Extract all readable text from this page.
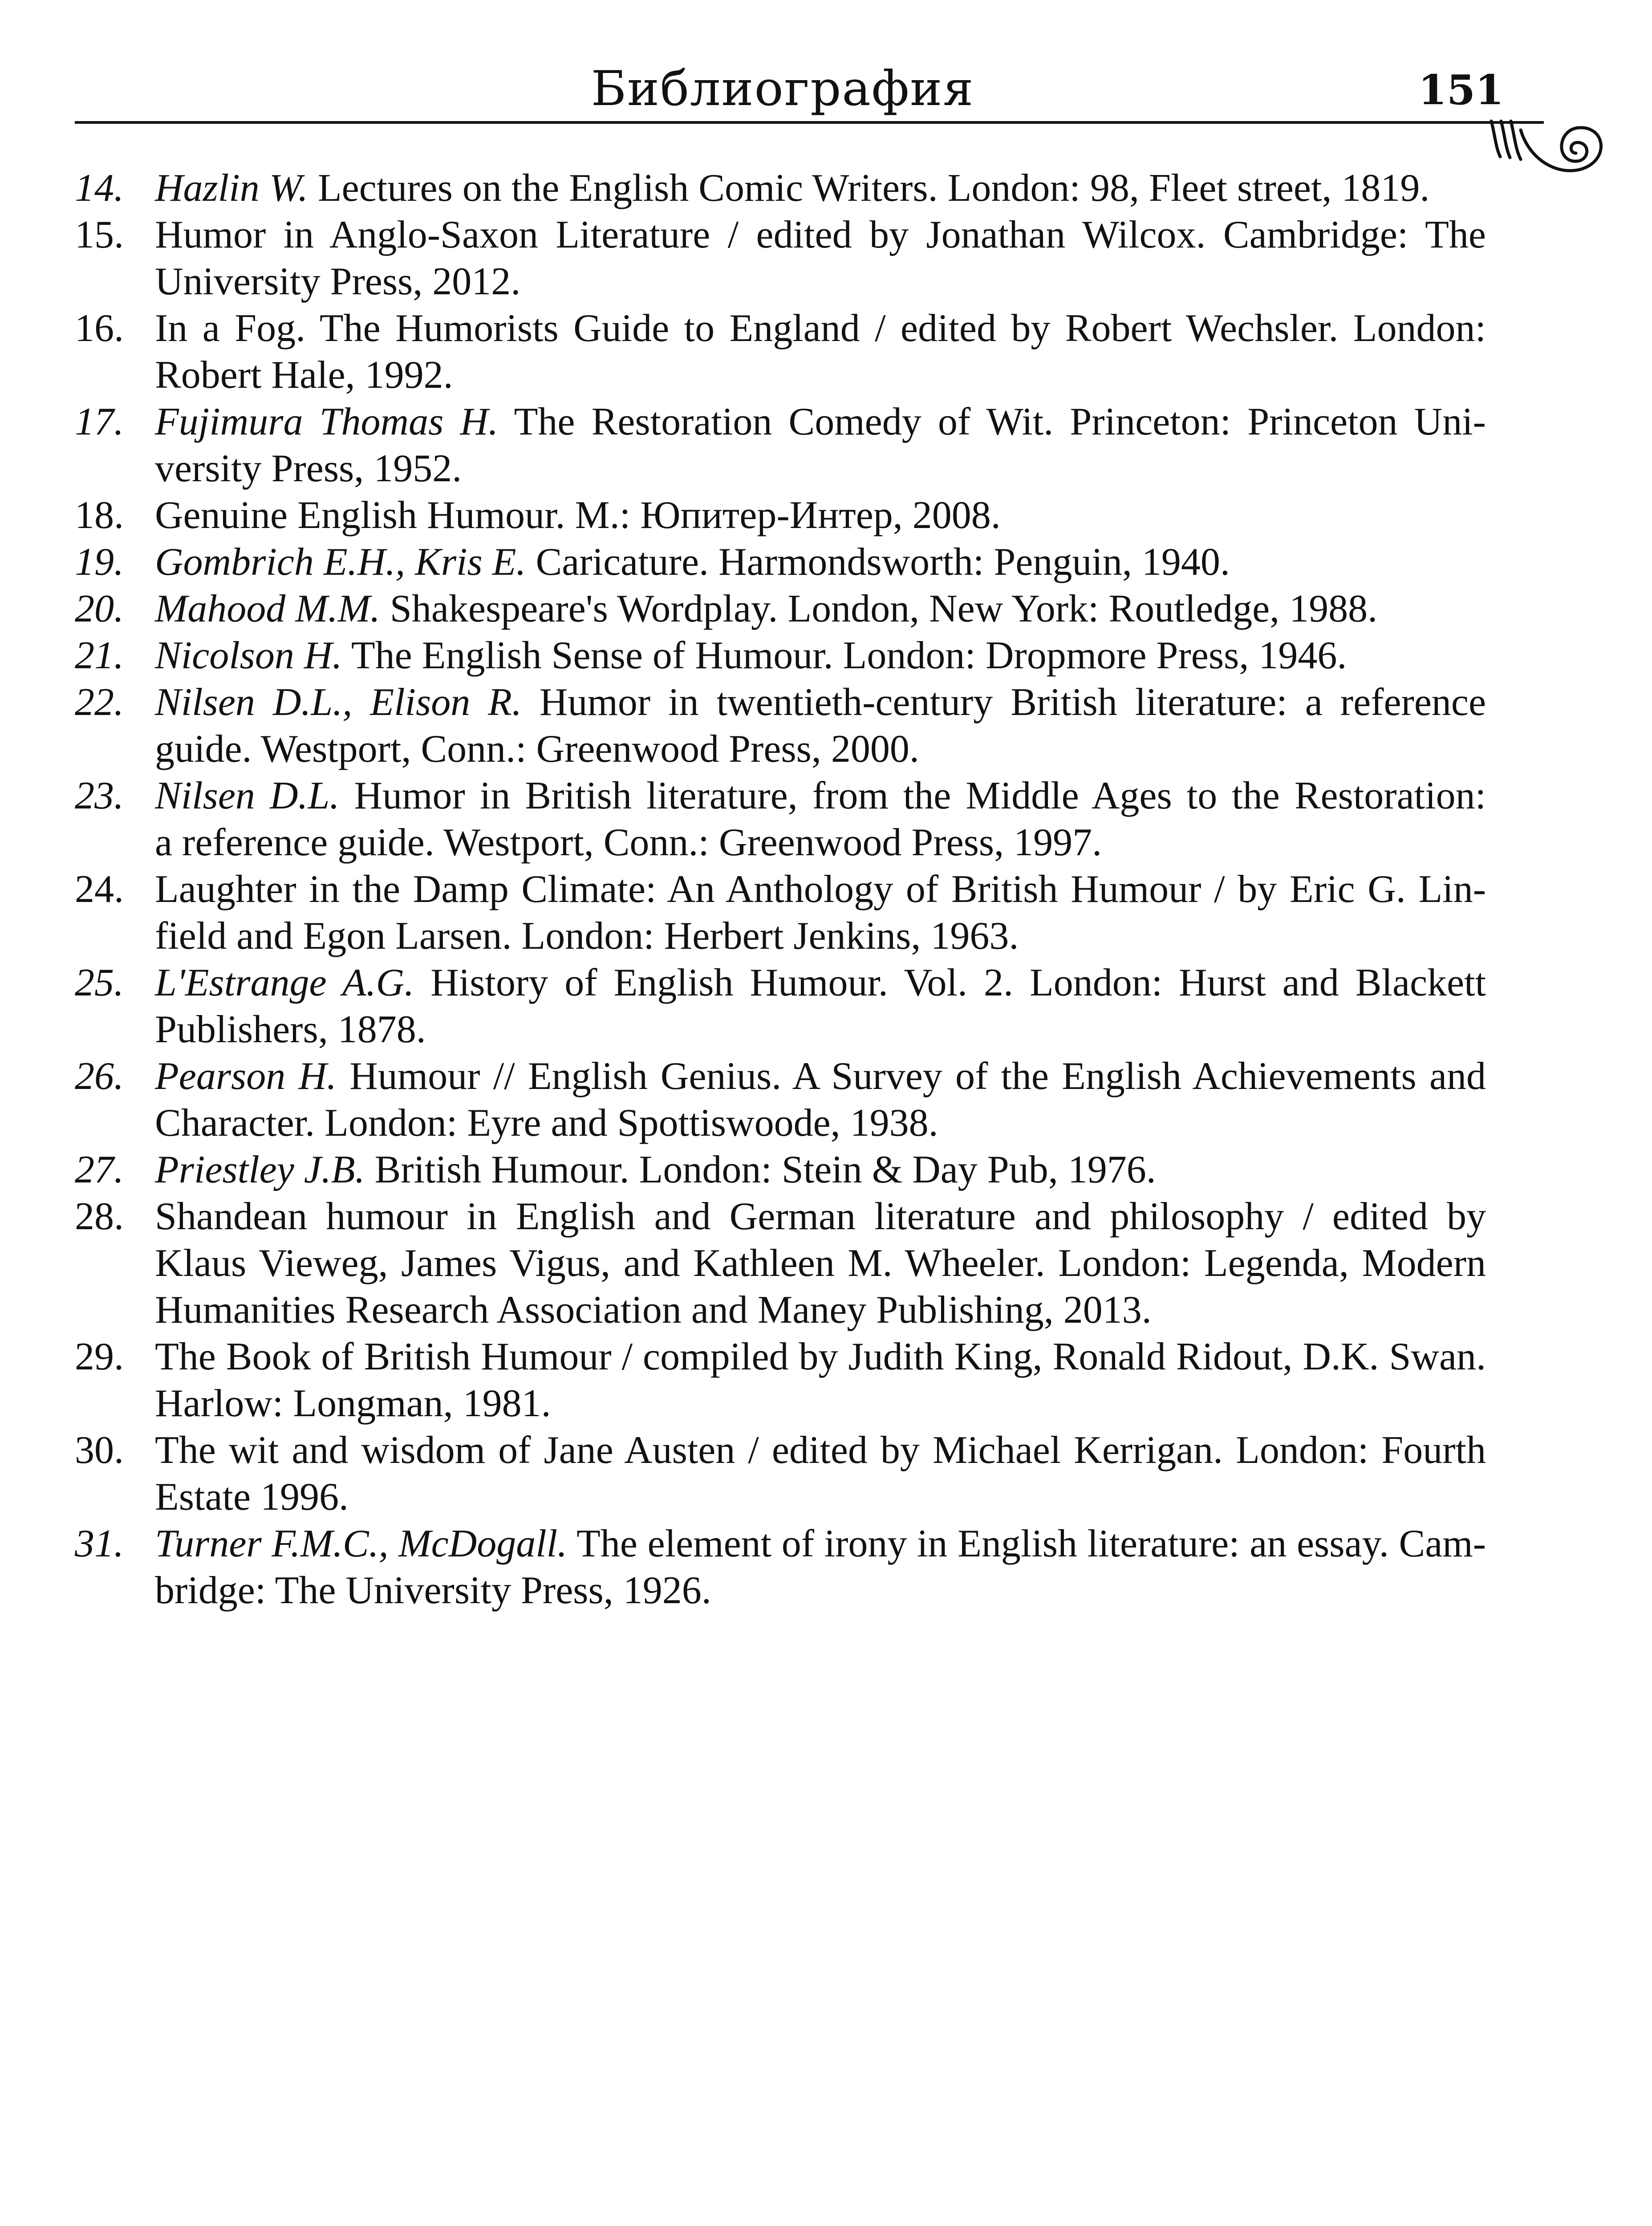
Библиография	151
14. Hazlin W. Lectures on the English Comic Writers. London: 98, Fleet street, 1819.
15. Humor in Anglo-Saxon Literature / edited by Jonathan Wilcox. Cambridge: The
University Press, 2012.
16. In a Fog. The Humorists Guide to England / edited by Robert Wechsler. London:
Robert Hale, 1992.
17. Fujimura Thomas H. The Restoration Comedy of Wit. Princeton: Princeton Uni-
versity Press, 1952.
18. Genuine English Humour. M.: Юпитер-Интер, 2008.
19. Gombrich E.H., Kris E. Caricature. Harmondsworth: Penguin, 1940.
20. Mahood M.M. Shakespeare's Wordplay. London, New York: Routledge, 1988.
21. Nicolson H. The English Sense of Humour. London: Dropmore Press, 1946.
22. Nilsen D.L., Elison R. Humor in twentieth-century British literature: a reference
guide. Westport, Conn.: Greenwood Press, 2000.
23. Nilsen D.L. Humor in British literature, from the Middle Ages to the Restoration:
a reference guide. Westport, Conn.: Greenwood Press, 1997.
24. Laughter in the Damp Climate: An Anthology of British Humour / by Eric G. Lin-
field and Egon Larsen. London: Herbert Jenkins, 1963.
25. L'Estrange A.G. History of English Humour. Vol. 2. London: Hurst and Blackett
Publishers, 1878.
26. Pearson H. Humour // English Genius. A Survey of the English Achievements and
Character. London: Eyre and Spottiswoode, 1938.
27. Priestley J.B. British Humour. London: Stein & Day Pub, 1976.
28. Shandean humour in English and German literature and philosophy / edited by
Klaus Vieweg, James Vigus, and Kathleen M. Wheeler. London: Legenda, Modern
Humanities Research Association and Maney Publishing, 2013.
29. The Book of British Humour / compiled by Judith King, Ronald Ridout, D.K. Swan.
Harlow: Longman, 1981.
30. The wit and wisdom of Jane Austen / edited by Michael Kerrigan. London: Fourth
Estate 1996.
31. Turner F.M.C., McDogall. The element of irony in English literature: an essay. Cam-
bridge: The University Press, 1926.
